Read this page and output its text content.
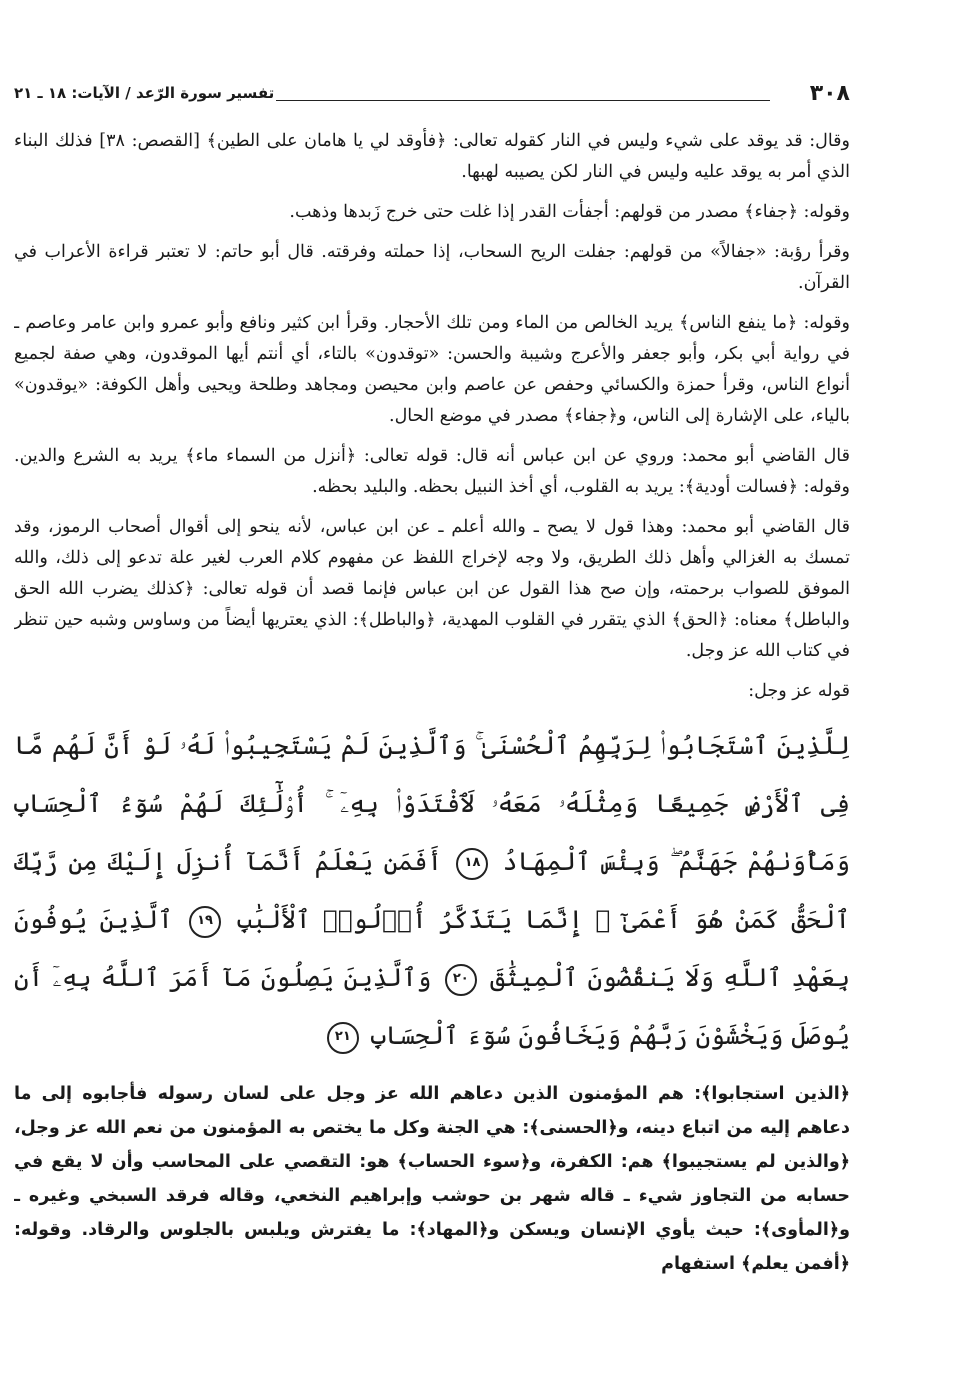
٣٠٨
تفسير سورة الرّعد / الآيات: ١٨ ـ ٢١

وقال: قد يوقد على شيء وليس في النار كقوله تعالى: ﴿فأوقد لي يا هامان على الطين﴾ [القصص: ٣٨] فذلك البناء الذي أمر به يوقد عليه وليس في النار لكن يصيبه لهبها.

وقوله: ﴿جفاء﴾ مصدر من قولهم: أجفأت القدر إذا غلت حتى خرج زَبدها وذهب.

وقرأ رؤبة: «جفالاً» من قولهم: جفلت الريح السحاب، إذا حملته وفرقته. قال أبو حاتم: لا تعتبر قراءة الأعراب في القرآن.

وقوله: ﴿ما ينفع الناس﴾ يريد الخالص من الماء ومن تلك الأحجار. وقرأ ابن كثير ونافع وأبو عمرو وابن عامر وعاصم ـ في رواية أبي بكر، وأبو جعفر والأعرج وشيبة والحسن: «توقدون» بالتاء، أي أنتم أيها الموقدون، وهي صفة لجميع أنواع الناس، وقرأ حمزة والكسائي وحفص عن عاصم وابن محيصن ومجاهد وطلحة ويحيى وأهل الكوفة: «يوقدون» بالياء، على الإشارة إلى الناس، و﴿جفاء﴾ مصدر في موضع الحال.

قال القاضي أبو محمد: وروي عن ابن عباس أنه قال: قوله تعالى: ﴿أنزل من السماء ماء﴾ يريد به الشرع والدين. وقوله: ﴿فسالت أودية﴾: يريد به القلوب، أي أخذ النبيل بحظه. والبليد بحظه.

قال القاضي أبو محمد: وهذا قول لا يصح ـ والله أعلم ـ عن ابن عباس، لأنه ينحو إلى أقوال أصحاب الرموز، وقد تمسك به الغزالي وأهل ذلك الطريق، ولا وجه لإخراج اللفظ عن مفهوم كلام العرب لغير علة تدعو إلى ذلك، والله الموفق للصواب برحمته، وإن صح هذا القول عن ابن عباس فإنما قصد أن قوله تعالى: ﴿كذلك يضرب الله الحق والباطل﴾ معناه: ﴿الحق﴾ الذي يتقرر في القلوب المهدية، ﴿والباطل﴾: الذي يعتريها أيضاً من وساوس وشبه حين تنظر في كتاب الله عز وجل.

قوله عز وجل:

لِلَّذِينَ ٱسْتَجَابُوا۟ لِرَبِّهِمُ ٱلْحُسْنَىٰ ۚ وَٱلَّذِينَ لَمْ يَسْتَجِيبُوا۟ لَهُۥ لَوْ أَنَّ لَهُم مَّا فِى ٱلْأَرْضِ جَمِيعًا وَمِثْلَهُۥ مَعَهُۥ لَٱفْتَدَوْا۟ بِهِۦٓ ۚ أُو۟لَٰٓئِكَ لَهُمْ سُوٓءُ ٱلْحِسَابِ وَمَأْوَىٰهُمْ جَهَنَّمُ ۖ وَبِئْسَ ٱلْمِهَادُ ١٨ أَفَمَن يَعْلَمُ أَنَّمَآ أُنزِلَ إِلَيْكَ مِن رَّبِّكَ ٱلْحَقُّ كَمَنْ هُوَ أَعْمَىٰٓ ۚ إِنَّمَا يَتَذَكَّرُ أُو۟لُوا۟ ٱلْأَلْبَٰبِ ١٩ ٱلَّذِينَ يُوفُونَ بِعَهْدِ ٱللَّهِ وَلَا يَنقُضُونَ ٱلْمِيثَٰقَ ٢٠ وَٱلَّذِينَ يَصِلُونَ مَآ أَمَرَ ٱللَّهُ بِهِۦٓ أَن يُوصَلَ وَيَخْشَوْنَ رَبَّهُمْ وَيَخَافُونَ سُوٓءَ ٱلْحِسَابِ ٢١

﴿الذين استجابوا﴾: هم المؤمنون الذين دعاهم الله عز وجل على لسان رسوله فأجابوه إلى ما دعاهم إليه من اتباع دينه، و﴿الحسنى﴾: هي الجنة وكل ما يختص به المؤمنون من نعم الله عز وجل، ﴿والذين لم يستجيبوا﴾ هم: الكفرة، و﴿سوء الحساب﴾ هو: التقصي على المحاسب وأن لا يقع في حسابه من التجاوز شيء ـ قاله شهر بن حوشب وإبراهيم النخعي، وقاله فرقد السبخي وغيره ـ و﴿المأوى﴾: حيث يأوي الإنسان ويسكن و﴿المهاد﴾: ما يفترش ويلبس بالجلوس والرقاد. وقوله: ﴿أفمن يعلم﴾ استفهام
